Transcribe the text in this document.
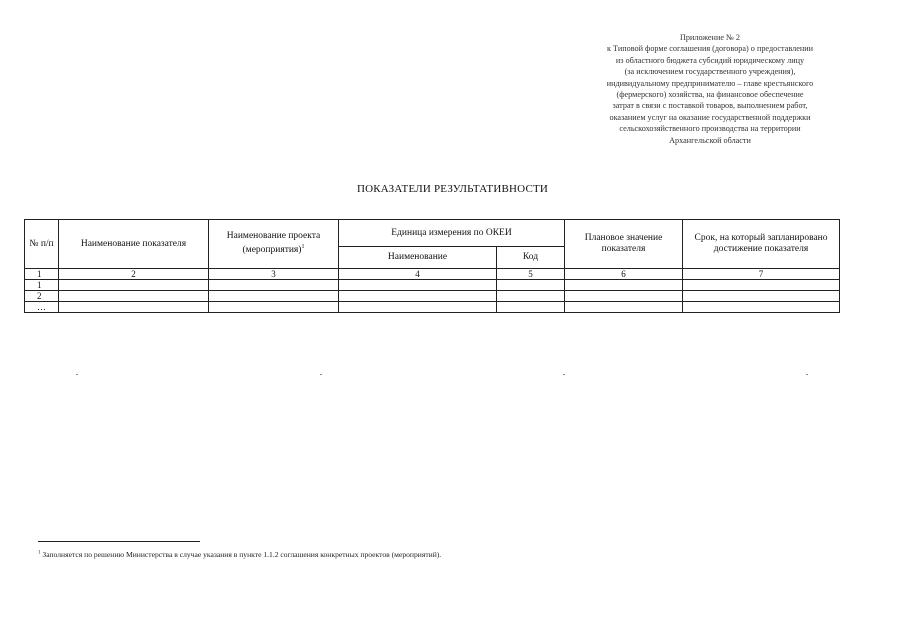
Приложение № 2
к Типовой форме соглашения (договора) о предоставлении
из областного бюджета субсидий юридическому лицу
(за исключением государственного учреждения),
индивидуальному предпринимателю – главе крестьянского
(фермерского) хозяйства, на финансовое обеспечение
затрат в связи с поставкой товаров, выполнением работ,
оказанием услуг на оказание государственной поддержки
сельскохозяйственного производства на территории
Архангельской области
ПОКАЗАТЕЛИ РЕЗУЛЬТАТИВНОСТИ
№ п/п	Наименование показателя	Наименование проекта (мероприятия)$^1$	Единица измерения по ОКЕИ		Плановое значение показателя	Срок, на который запланировано достижение показателя
			Наименование	Код		
1	2	3	4	5	6	7
1						
2						
…						
$^1$ Заполняется по решению Министерства в случае указания в пункте 1.1.2 соглашения конкретных проектов (мероприятий).
